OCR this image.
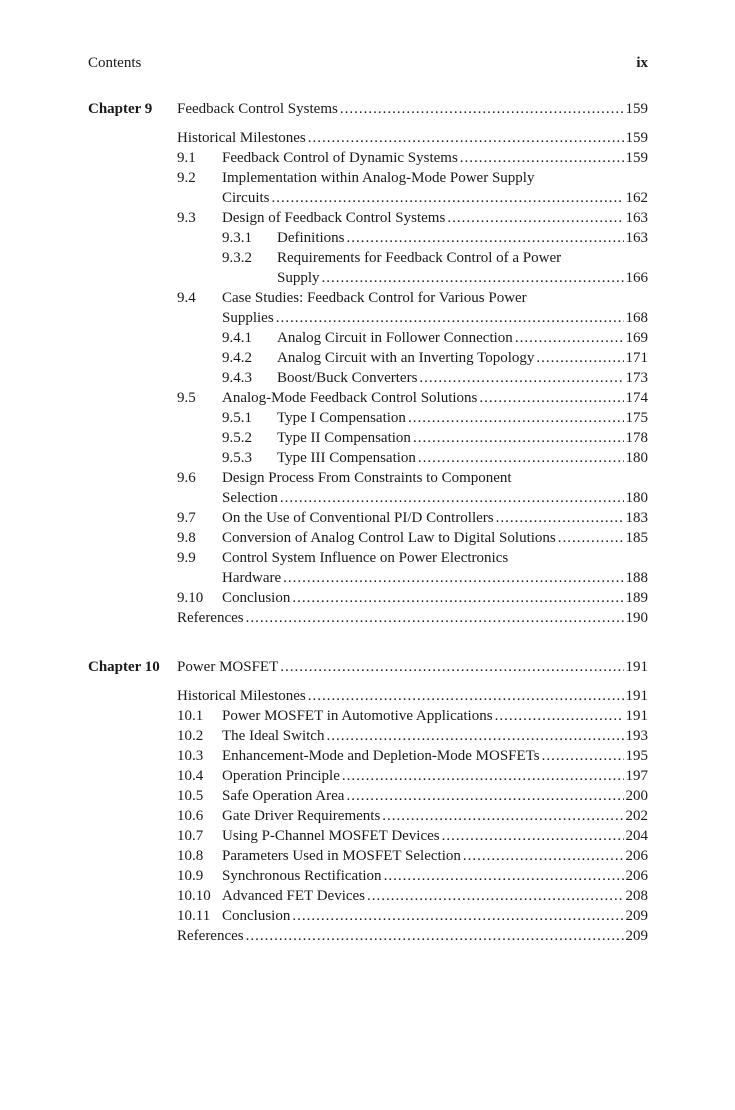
Contents	ix
Chapter 9 Feedback Control Systems .....	159
Historical Milestones .....	159
9.1 Feedback Control of Dynamic Systems .....	159
9.2 Implementation within Analog-Mode Power Supply
Circuits .....	162
9.3 Design of Feedback Control Systems .....	163
9.3.1 Definitions .....	163
9.3.2 Requirements for Feedback Control of a Power
Supply .....	166
9.4 Case Studies: Feedback Control for Various Power
Supplies .....	168
9.4.1 Analog Circuit in Follower Connection .....	169
9.4.2 Analog Circuit with an Inverting Topology .....	171
9.4.3 Boost/Buck Converters .....	173
9.5 Analog-Mode Feedback Control Solutions .....	174
9.5.1 Type I Compensation .....	175
9.5.2 Type II Compensation .....	178
9.5.3 Type III Compensation .....	180
9.6 Design Process From Constraints to Component
Selection .....	180
9.7 On the Use of Conventional PI/D Controllers .....	183
9.8 Conversion of Analog Control Law to Digital Solutions .....	185
9.9 Control System Influence on Power Electronics
Hardware .....	188
9.10 Conclusion .....	189
References .....	190
Chapter 10 Power MOSFET .....	191
Historical Milestones .....	191
10.1 Power MOSFET in Automotive Applications .....	191
10.2 The Ideal Switch .....	193
10.3 Enhancement-Mode and Depletion-Mode MOSFETs .....	195
10.4 Operation Principle .....	197
10.5 Safe Operation Area .....	200
10.6 Gate Driver Requirements .....	202
10.7 Using P-Channel MOSFET Devices .....	204
10.8 Parameters Used in MOSFET Selection .....	206
10.9 Synchronous Rectification .....	206
10.10 Advanced FET Devices .....	208
10.11 Conclusion .....	209
References .....	209
